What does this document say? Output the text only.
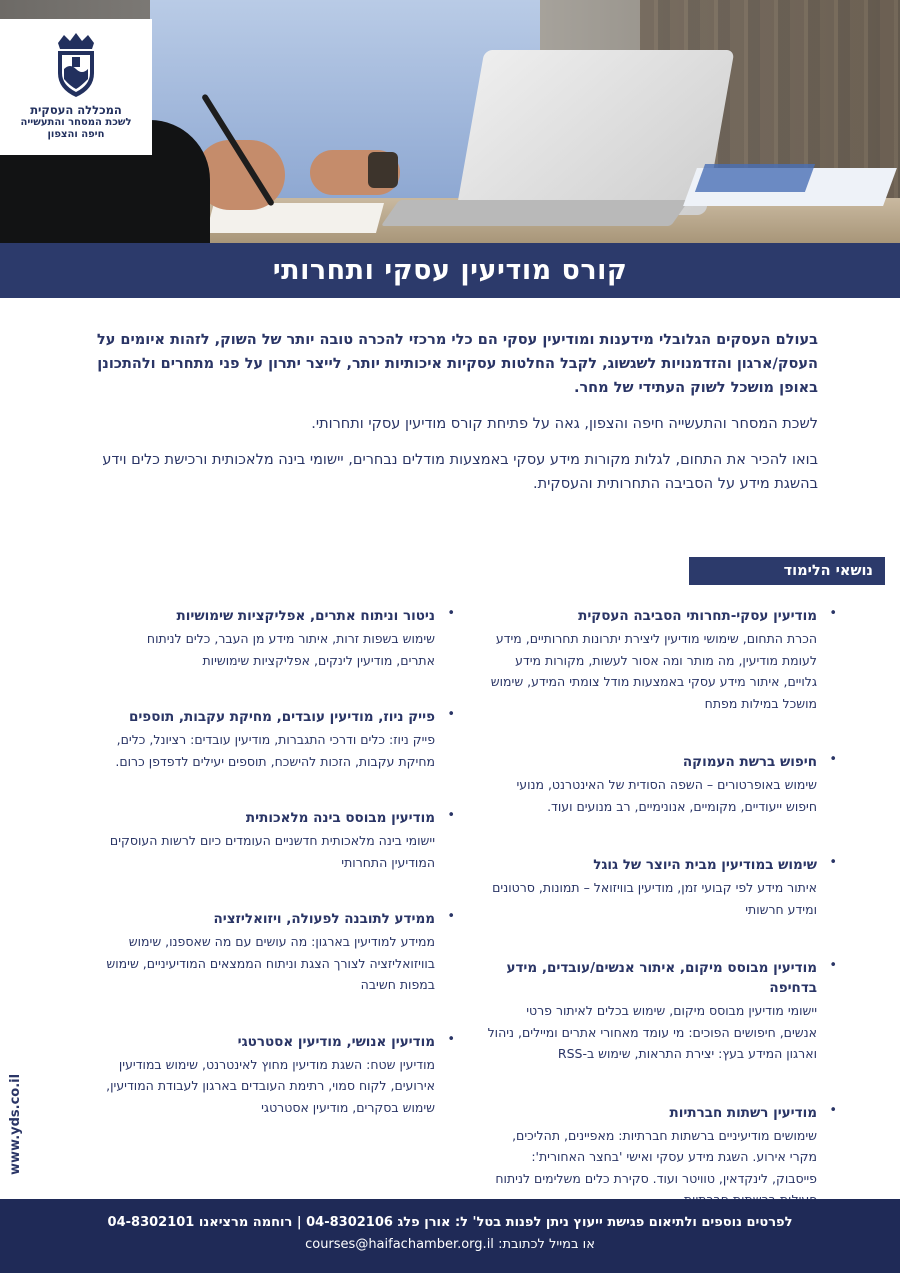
המכללה העסקית
לשכת המסחר והתעשייה
חיפה והצפון
קורס מודיעין עסקי ותחרותי

בעולם העסקים הגלובלי מידענות ומודיעין עסקי הם כלי מרכזי להכרה טובה יותר של השוק, לזהות איומים על העסק/ארגון והזדמנויות לשגשוג, לקבל החלטות עסקיות איכותיות יותר, לייצר יתרון על פני מתחרים ולהתכונן באופן מושכל לשוק העתידי של מחר.

לשכת המסחר והתעשייה חיפה והצפון, גאה על פתיחת קורס מודיעין עסקי ותחרותי.

בואו להכיר את התחום, לגלות מקורות מידע עסקי באמצעות מודלים נבחרים, יישומי בינה מלאכותית ורכישת כלים וידע בהשגת מידע על הסביבה התחרותית והעסקית.

נושאי הלימוד
•
מודיעין עסקי-תחרותי הסביבה העסקית

הכרת התחום, שימושי מודיעין ליצירת יתרונות תחרותיים, מידע לעומת מודיעין, מה מותר ומה אסור לעשות, מקורות מידע גלויים, איתור מידע עסקי באמצעות מודל צומתי המידע, שימוש מושכל במילות מפתח

•
חיפוש ברשת העמוקה

שימוש באופרטורים – השפה הסודית של האינטרנט, מנועי חיפוש ייעודיים, מקומיים, אנונימיים, רב מנועים ועוד.

•
שימוש במודיעין מבית היוצר של גוגל

איתור מידע לפי קבועי זמן, מודיעין בוויזואל – תמונות, סרטונים ומידע חרשותי

•
מודיעין מבוסס מיקום, איתור אנשים/עובדים, מידע בדחיפה

יישומי מודיעין מבוסס מיקום, שימוש בכלים לאיתור פרטי אנשים, חיפושים הפוכים: מי עומד מאחורי אתרים ומיילים, ניהול וארגון המידע בעץ: יצירת התראות, שימוש ב-RSS

•
מודיעין רשתות חברתיות

שימושים מודיעיניים ברשתות חברתיות: מאפיינים, תהליכים, מקרי אירוע. השגת מידע עסקי ואישי 'בחצר האחורית': פייסבוק, לינקדאין, טוויטר ועוד. סקירת כלים משלימים לניתוח

•
ניטור וניתוח אתרים, אפליקציות שימושיות

שימוש בשפות זרות, איתור מידע מן העבר, כלים לניתוח אתרים, מודיעין לינקים, אפליקציות שימושיות

•
פייק ניוז, מודיעין עובדים, מחיקת עקבות, תוספים

פייק ניוז: כלים ודרכי התגברות, מודיעין עובדים: רציונל, כלים, מחיקת עקבות, הזכות להישכח, תוספים יעילים לדפדפן כרום.

•
מודיעין מבוסס בינה מלאכותית

יישומי בינה מלאכותית חדשניים העומדים כיום לרשות העוסקים המודיעין התחרותי

•
ממידע לתובנה לפעולה, ויזואליזציה

ממידע למודיעין בארגון: מה עושים עם מה שאספנו, שימוש בוויזואליזציה לצורך הצגת וניתוח הממצאים המודיעיניים, שימוש במפות חשיבה

•
מודיעין אנושי, מודיעין אסטרטגי

מודיעין שטח: השגת מודיעין מחוץ לאינטרנט, שימוש במודיעין אירועים, לקוח סמוי, רתימת העובדים בארגון לעבודת המודיעין, שימוש בסקרים, מודיעין אסטרטגי

www.yds.co.il
לפרטים נוספים ולתיאום פגישת ייעוץ ניתן לפנות בטל' ל: אורן פלג 04-8302106 | רוחמה מרציאנו 04-8302101
או במייל לכתובת: courses@haifachamber.org.il
